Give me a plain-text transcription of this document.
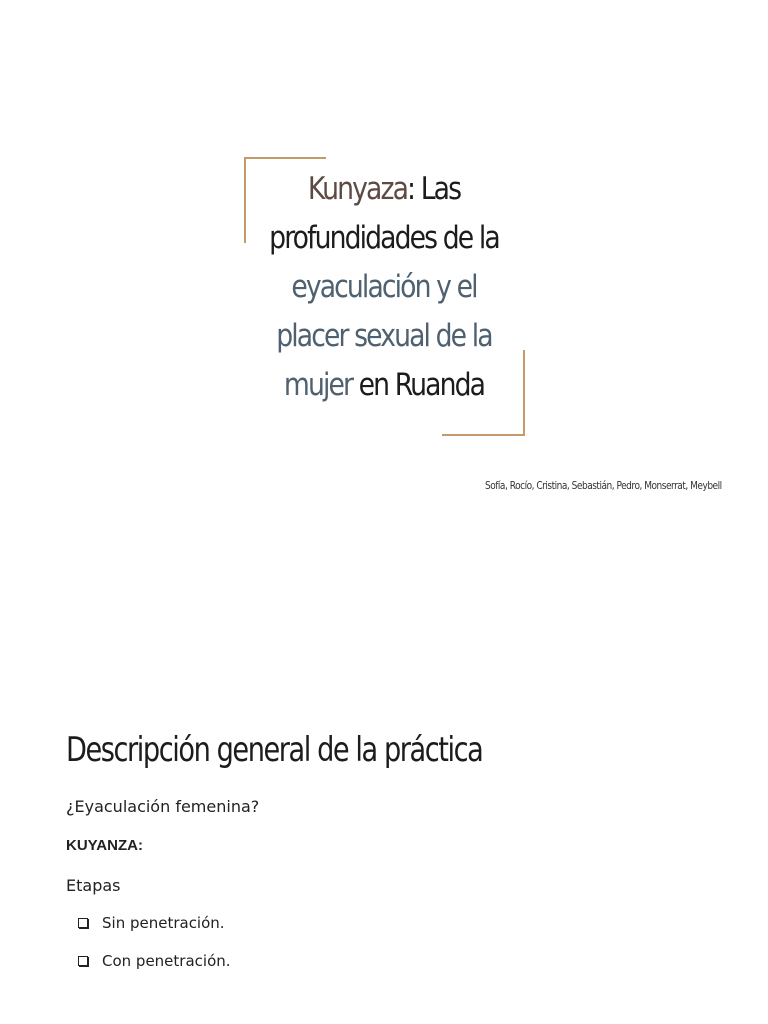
Kunyaza: Las profundidades de la eyaculación y el placer sexual de la mujer en Ruanda

Sofía, Rocío, Cristina, Sebastián, Pedro, Monserrat, Meybell

Descripción general de la práctica

¿Eyaculación femenina?

KUYANZA:

Etapas

Sin penetración.
Con penetración.
